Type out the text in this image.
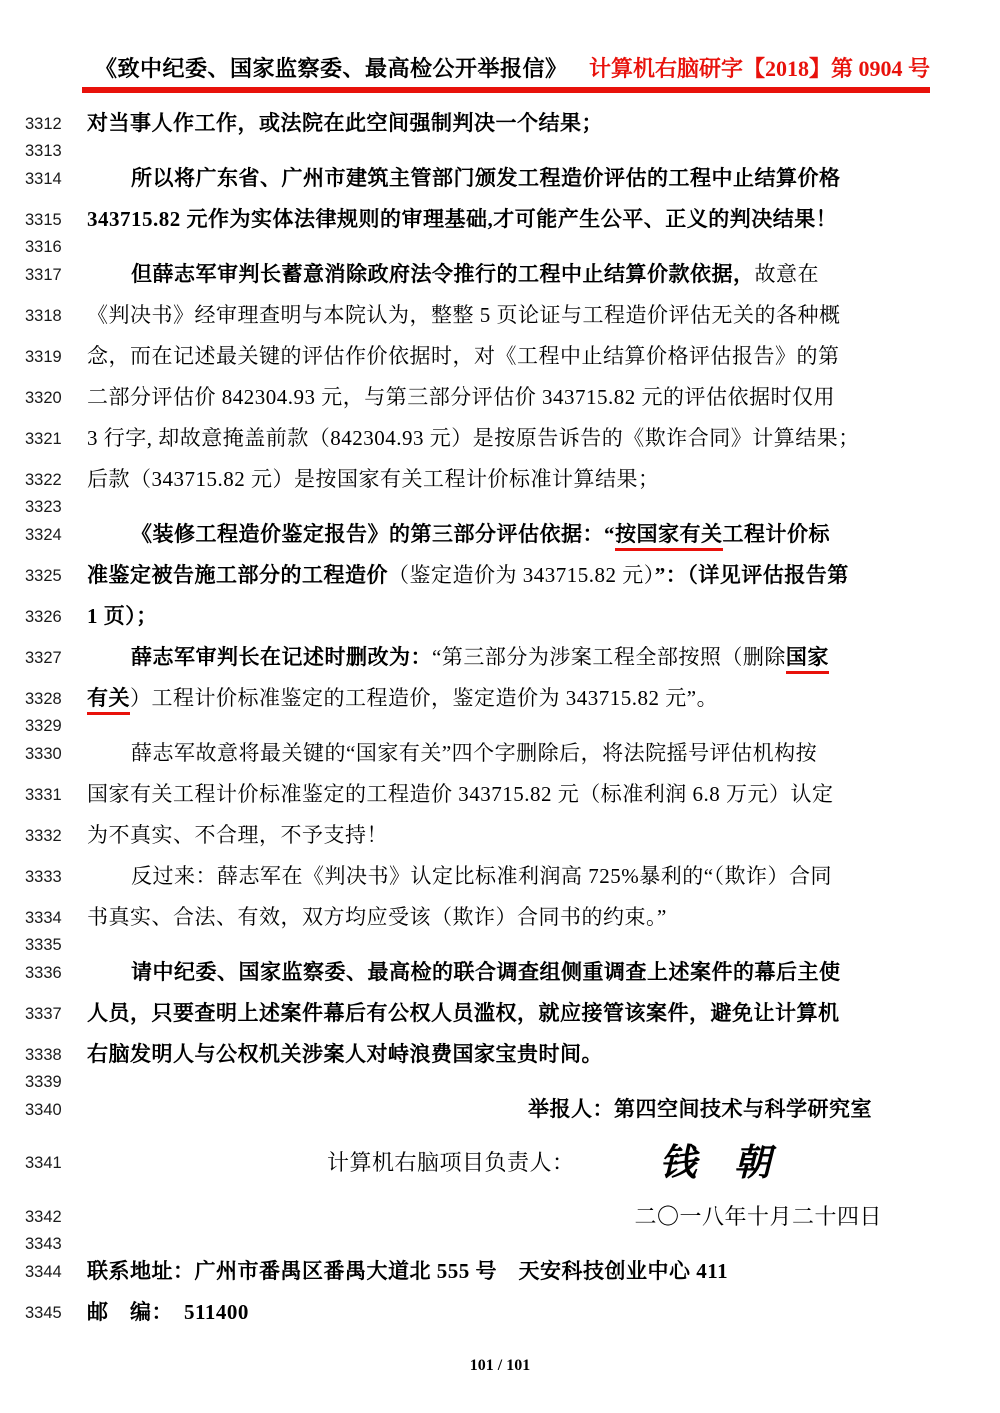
《致中纪委、国家监察委、最高检公开举报信》 计算机右脑研字【2018】第 0904 号
3312	对当事人作工作，或法院在此空间强制判决一个结果；
3313
3314	所以将广东省、广州市建筑主管部门颁发工程造价评估的工程中止结算价格
3315	343715.82 元作为实体法律规则的审理基础,才可能产生公平、正义的判决结果！
3316
3317	但薛志军审判长蓄意消除政府法令推行的工程中止结算价款依据，故意在
3318	《判决书》经审理查明与本院认为，整整 5 页论证与工程造价评估无关的各种概
3319	念，而在记述最关键的评估作价依据时，对《工程中止结算价格评估报告》的第
3320	二部分评估价 842304.93 元，与第三部分评估价 343715.82 元的评估依据时仅用
3321	3 行字, 却故意掩盖前款（842304.93 元）是按原告诉告的《欺诈合同》计算结果；
3322	后款（343715.82 元）是按国家有关工程计价标准计算结果；
3323
3324	《装修工程造价鉴定报告》的第三部分评估依据：“按国家有关工程计价标
3325	准鉴定被告施工部分的工程造价（鉴定造价为 343715.82 元）”：（详见评估报告第
3326	1 页）；
3327	薛志军审判长在记述时删改为：“第三部分为涉案工程全部按照（删除国家
3328	有关）工程计价标准鉴定的工程造价，鉴定造价为 343715.82 元”。
3329
3330	薛志军故意将最关键的“国家有关”四个字删除后，将法院摇号评估机构按
3331	国家有关工程计价标准鉴定的工程造价 343715.82 元（标准利润 6.8 万元）认定
3332	为不真实、不合理，不予支持！
3333	反过来：薛志军在《判决书》认定比标准利润高 725%暴利的“（欺诈）合同
3334	书真实、合法、有效，双方均应受该（欺诈）合同书的约束。”
3335
3336	请中纪委、国家监察委、最高检的联合调查组侧重调查上述案件的幕后主使
3337	人员，只要查明上述案件幕后有公权人员滥权，就应接管该案件，避免让计算机
3338	右脑发明人与公权机关涉案人对峙浪费国家宝贵时间。
3339
3340	举报人：第四空间技术与科学研究室
3341	计算机右脑项目负责人： 钱 朝
3342	二〇一八年十月二十四日
3343
3344	联系地址：广州市番禺区番禺大道北 555 号　天安科技创业中心 411
3345	邮　编：　511400
101 / 101
